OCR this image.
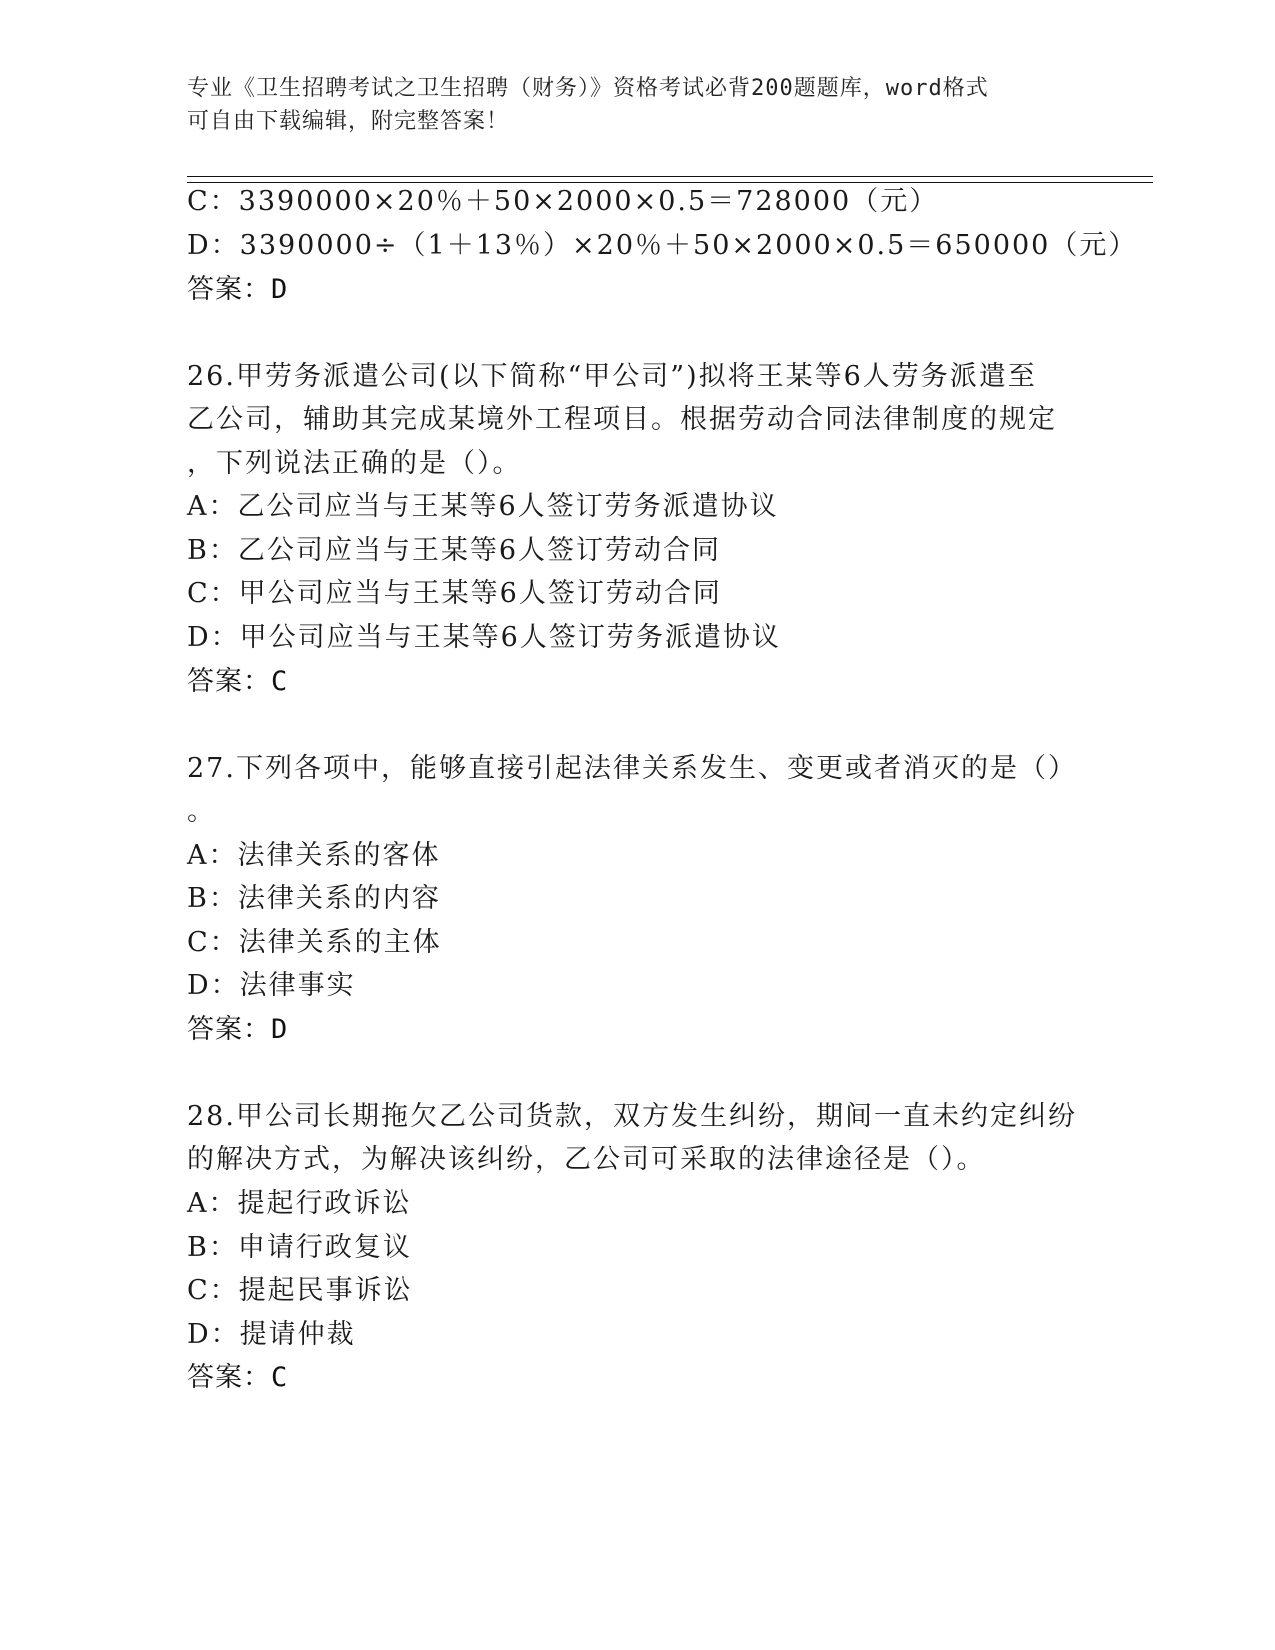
专业《卫生招聘考试之卫生招聘（财务）》资格考试必背200题题库，word格式
可自由下载编辑，附完整答案！
C：3390000×20％＋50×2000×0.5＝728000（元）
D：3390000÷（1＋13％）×20％＋50×2000×0.5＝650000（元）
答案：D
26.甲劳务派遣公司(以下简称“甲公司”)拟将王某等6人劳务派遣至
乙公司，辅助其完成某境外工程项目。根据劳动合同法律制度的规定
，下列说法正确的是（）。
A：乙公司应当与王某等6人签订劳务派遣协议
B：乙公司应当与王某等6人签订劳动合同
C：甲公司应当与王某等6人签订劳动合同
D：甲公司应当与王某等6人签订劳务派遣协议
答案：C
27.下列各项中，能够直接引起法律关系发生、变更或者消灭的是（）
。
A：法律关系的客体
B：法律关系的内容
C：法律关系的主体
D：法律事实
答案：D
28.甲公司长期拖欠乙公司货款，双方发生纠纷，期间一直未约定纠纷
的解决方式，为解决该纠纷，乙公司可采取的法律途径是（）。
A：提起行政诉讼
B：申请行政复议
C：提起民事诉讼
D：提请仲裁
答案：C
